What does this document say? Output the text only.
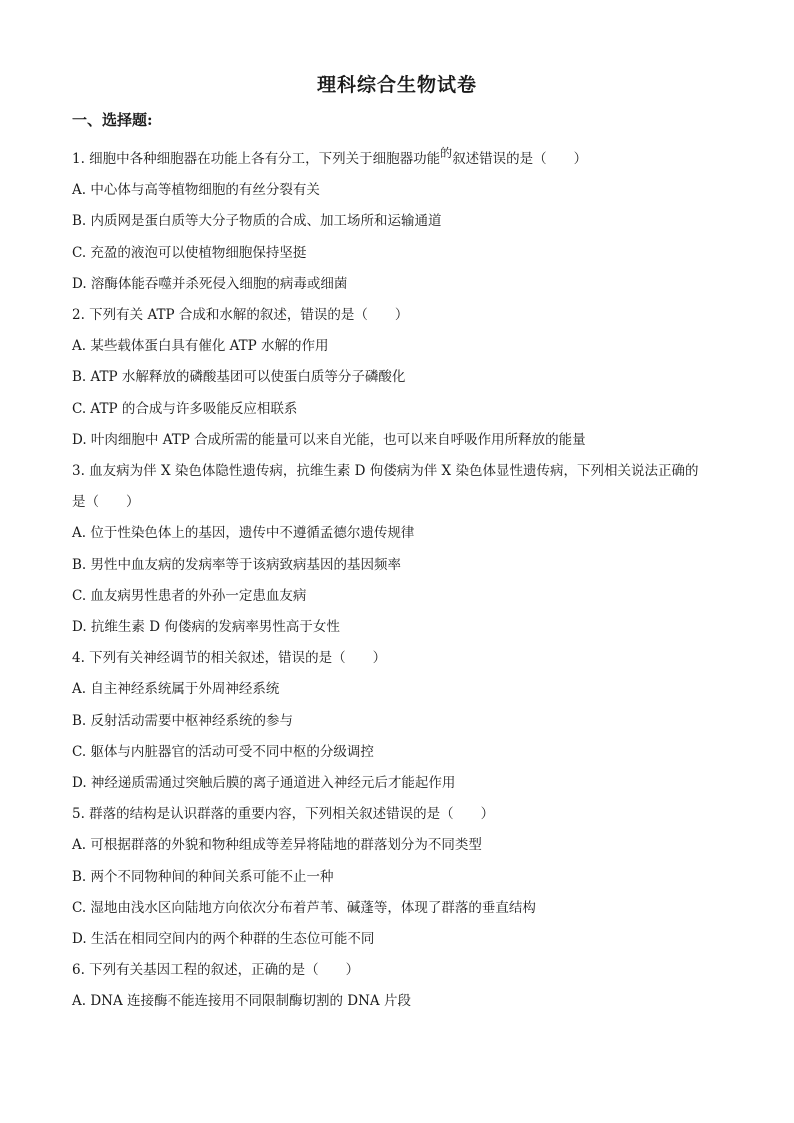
理科综合生物试卷
一、选择题:
1. 细胞中各种细胞器在功能上各有分工，下列关于细胞器功能的叙述错误的是（　　）
A. 中心体与高等植物细胞的有丝分裂有关
B. 内质网是蛋白质等大分子物质的合成、加工场所和运输通道
C. 充盈的液泡可以使植物细胞保持坚挺
D. 溶酶体能吞噬并杀死侵入细胞的病毒或细菌
2. 下列有关 ATP 合成和水解的叙述，错误的是（　　）
A. 某些载体蛋白具有催化 ATP 水解的作用
B. ATP 水解释放的磷酸基团可以使蛋白质等分子磷酸化
C. ATP 的合成与许多吸能反应相联系
D. 叶肉细胞中 ATP 合成所需的能量可以来自光能，也可以来自呼吸作用所释放的能量
3. 血友病为伴 X 染色体隐性遗传病，抗维生素 D 佝偻病为伴 X 染色体显性遗传病，下列相关说法正确的
是（　　）
A. 位于性染色体上的基因，遗传中不遵循孟德尔遗传规律
B. 男性中血友病的发病率等于该病致病基因的基因频率
C. 血友病男性患者的外孙一定患血友病
D. 抗维生素 D 佝偻病的发病率男性高于女性
4. 下列有关神经调节的相关叙述，错误的是（　　）
A. 自主神经系统属于外周神经系统
B. 反射活动需要中枢神经系统的参与
C. 躯体与内脏器官的活动可受不同中枢的分级调控
D. 神经递质需通过突触后膜的离子通道进入神经元后才能起作用
5. 群落的结构是认识群落的重要内容，下列相关叙述错误的是（　　）
A. 可根据群落的外貌和物种组成等差异将陆地的群落划分为不同类型
B. 两个不同物种间的种间关系可能不止一种
C. 湿地由浅水区向陆地方向依次分布着芦苇、碱蓬等，体现了群落的垂直结构
D. 生活在相同空间内的两个种群的生态位可能不同
6. 下列有关基因工程的叙述，正确的是（　　）
A. DNA 连接酶不能连接用不同限制酶切割的 DNA 片段
